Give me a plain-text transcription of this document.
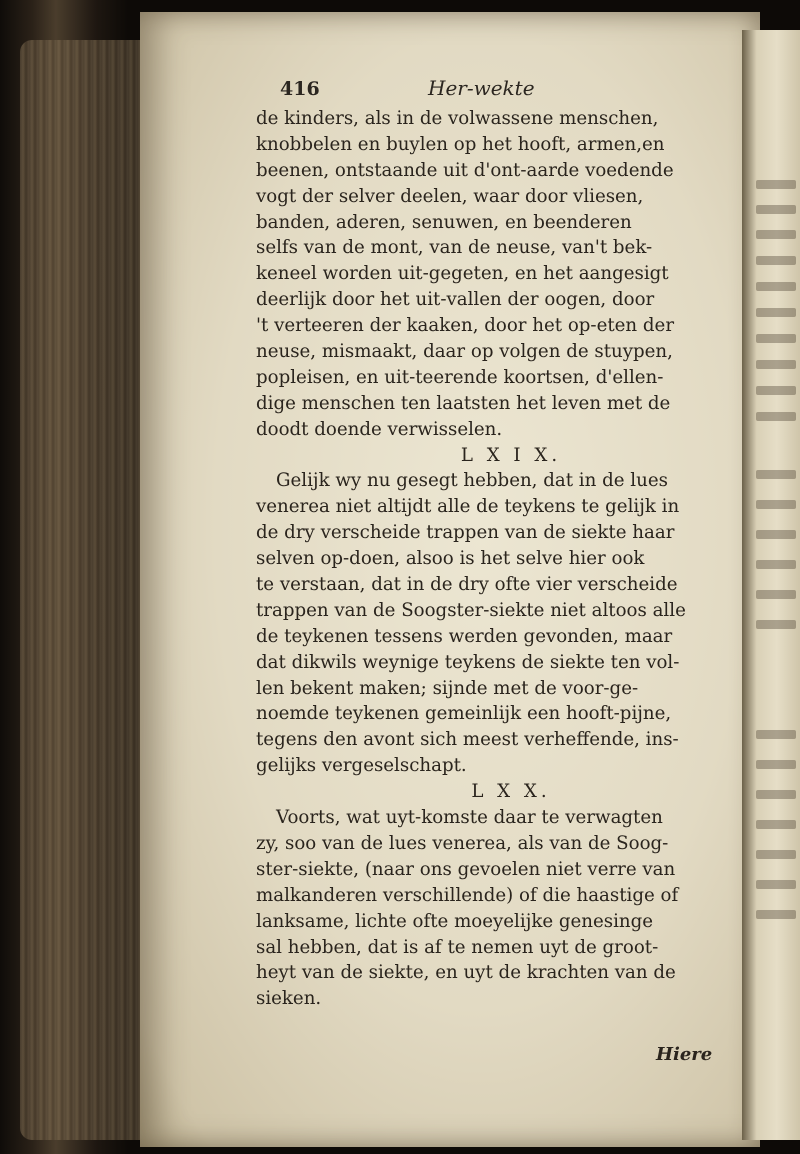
416	Her-wekte
de kinders, als in de volwassene menschen,
knobbelen en buylen op het hooft, armen,en
beenen, ontstaande uit d'ont-aarde voedende
vogt der selver deelen, waar door vliesen,
banden, aderen, senuwen, en beenderen
selfs van de mont, van de neuse, van't bek-
keneel worden uit-gegeten, en het aangesigt
deerlijk door het uit-vallen der oogen, door
't verteeren der kaaken, door het op-eten der
neuse, mismaakt, daar op volgen de stuypen,
popleisen, en uit-teerende koortsen, d'ellen-
dige menschen ten laatsten het leven met de
doodt doende verwisselen.
L X I X.
Gelijk wy nu gesegt hebben, dat in de lues
venerea niet altijdt alle de teykens te gelijk in
de dry verscheide trappen van de siekte haar
selven op-doen, alsoo is het selve hier ook
te verstaan, dat in de dry ofte vier verscheide
trappen van de Soogster-siekte niet altoos alle
de teykenen tessens werden gevonden, maar
dat dikwils weynige teykens de siekte ten vol-
len bekent maken; sijnde met de voor-ge-
noemde teykenen gemeinlijk een hooft-pijne,
tegens den avont sich meest verheffende, ins-
gelijks vergeselschapt.
L X X.
Voorts, wat uyt-komste daar te verwagten
zy, soo van de lues venerea, als van de Soog-
ster-siekte, (naar ons gevoelen niet verre van
malkanderen verschillende) of die haastige of
lanksame, lichte ofte moeyelijke genesinge
sal hebben, dat is af te nemen uyt de groot-
heyt van de siekte, en uyt de krachten van de
sieken.
Hiere
